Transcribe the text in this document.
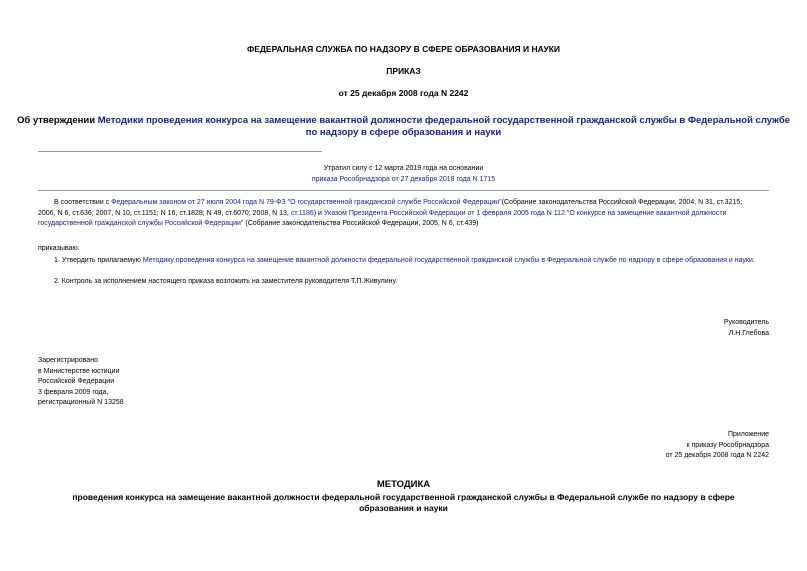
ФЕДЕРАЛЬНАЯ СЛУЖБА ПО НАДЗОРУ В СФЕРЕ ОБРАЗОВАНИЯ И НАУКИ
ПРИКАЗ
от 25 декабря 2008 года N 2242
Об утверждении Методики проведения конкурса на замещение вакантной должности федеральной государственной гражданской службы в Федеральной службе
по надзору в сфере образования и науки
Утратил силу с 12 марта 2019 года на основании
приказа Рособрнадзора от 27 декабря 2018 года N 1715
В соответствии с Федеральным законом от 27 июля 2004 года N 79-ФЗ "О государственной гражданской службе Российской Федерации"(Собрание законодательства Российской Федерации, 2004, N 31, ст.3215;
2006, N 6, ст.636; 2007, N 10, ст.1151; N 16, ст.1828; N 49, ст.6070; 2008, N 13, ст.1186) и Указом Президента Российской Федерации от 1 февраля 2005 года N 112 "О конкурсе на замещение вакантной должности
государственной гражданской службы Российской Федерации" (Собрание законодательства Российской Федерации, 2005, N 6, ст.439)
приказываю:
1. Утвердить прилагаемую Методику проведения конкурса на замещение вакантной должности федеральной государственной гражданской службы в Федеральной службе по надзору в сфере образования и науки.
2. Контроль за исполнением настоящего приказа возложить на заместителя руководителя Т.П.Живулину.
Руководитель
Л.Н.Глебова
Зарегистрировано
в Министерстве юстиции
Российской Федерации
3 февраля 2009 года,
регистрационный N 13258
Приложение
к приказу Рособрнадзора
от 25 декабря 2008 года N 2242
МЕТОДИКА
проведения конкурса на замещение вакантной должности федеральной государственной гражданской службы в Федеральной службе по надзору в сфере
образования и науки
